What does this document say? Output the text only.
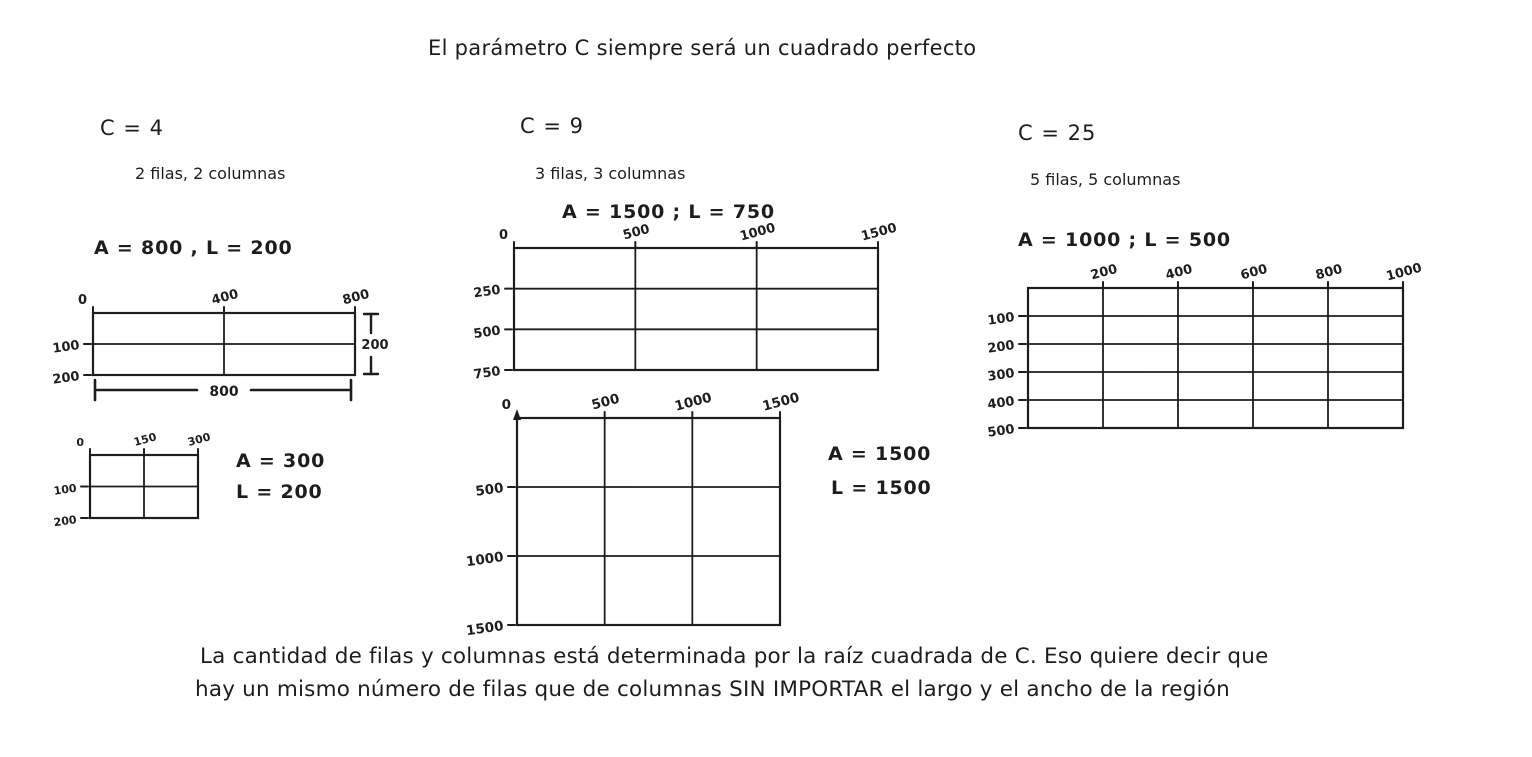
0	400	800
100
200
200
800
0	150	300
100
200
0	500	1000	1500
250
500
750
0	500	1000	1500
500
1000
1500
200	400	600	800	1000
100
200
300
400
500
El parámetro C siempre será un cuadrado perfecto
C = 4
2 filas, 2 columnas
A = 800 , L = 200
A = 300
L = 200
C = 9
3 filas, 3 columnas
A = 1500 ; L = 750
A = 1500
L = 1500
C = 25
5 filas, 5 columnas
A = 1000 ; L = 500
La cantidad de filas y columnas está determinada por la raíz cuadrada de C. Eso quiere decir que
hay un mismo número de filas que de columnas SIN IMPORTAR el largo y el ancho de la región
